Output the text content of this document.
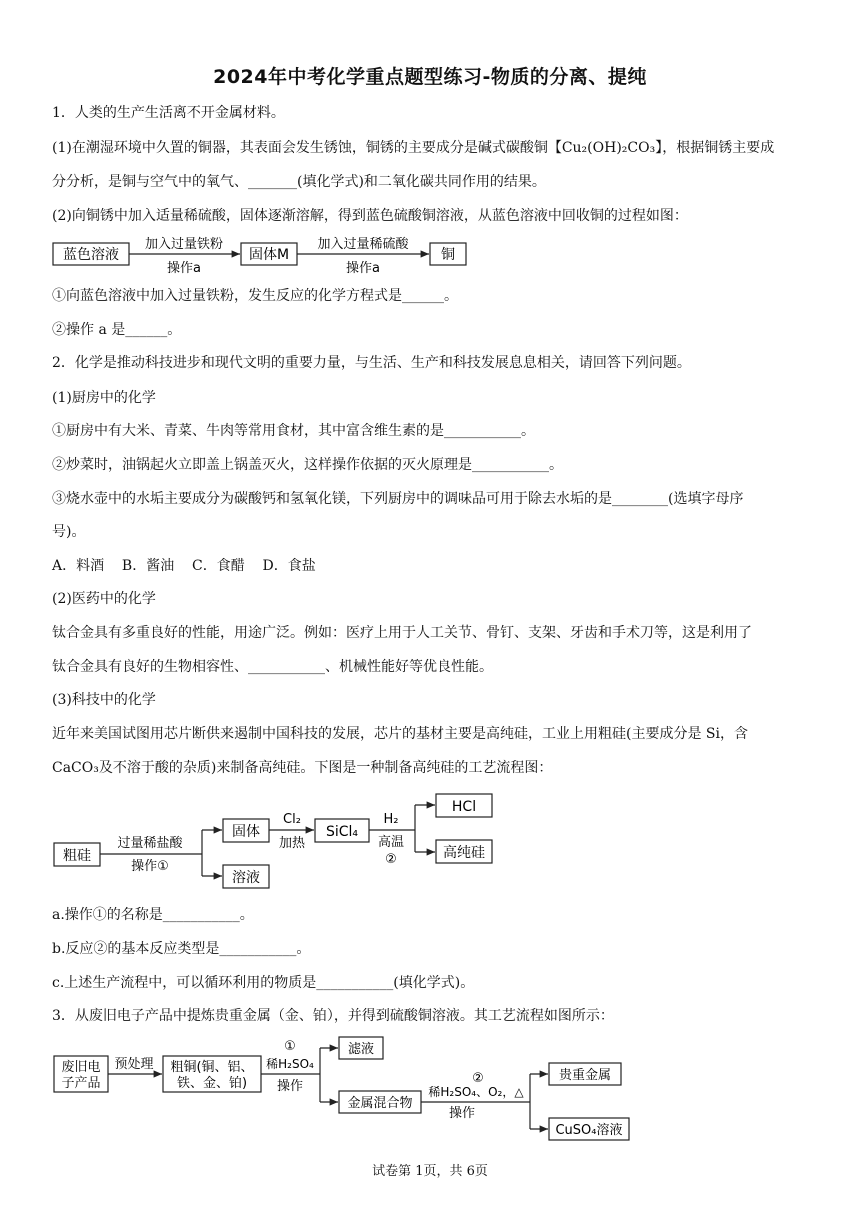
2024年中考化学重点题型练习-物质的分离、提纯
1．人类的生产生活离不开金属材料。
(1)在潮湿环境中久置的铜器，其表面会发生锈蚀，铜锈的主要成分是碱式碳酸铜【Cu₂(OH)₂CO₃】，根据铜锈主要成
分分析，是铜与空气中的氧气、_______(填化学式)和二氧化碳共同作用的结果。
(2)向铜锈中加入适量稀硫酸，固体逐渐溶解，得到蓝色硫酸铜溶液，从蓝色溶液中回收铜的过程如图：
蓝色溶液
加入过量铁粉
操作a
固体M
加入过量稀硫酸
操作a
铜
①向蓝色溶液中加入过量铁粉，发生反应的化学方程式是______。
②操作 a 是______。
2．化学是推动科技进步和现代文明的重要力量，与生活、生产和科技发展息息相关，请回答下列问题。
(1)厨房中的化学
①厨房中有大米、青菜、牛肉等常用食材，其中富含维生素的是___________。
②炒菜时，油锅起火立即盖上锅盖灭火，这样操作依据的灭火原理是___________。
③烧水壶中的水垢主要成分为碳酸钙和氢氧化镁，下列厨房中的调味品可用于除去水垢的是________(选填字母序
号)。
A．料酒    B．酱油    C．食醋    D．食盐
(2)医药中的化学
钛合金具有多重良好的性能，用途广泛。例如：医疗上用于人工关节、骨钉、支架、牙齿和手术刀等，这是利用了
钛合金具有良好的生物相容性、___________、机械性能好等优良性能。
(3)科技中的化学
近年来美国试图用芯片断供来遏制中国科技的发展，芯片的基材主要是高纯硅，工业上用粗硅(主要成分是 Si，含
CaCO₃及不溶于酸的杂质)来制备高纯硅。下图是一种制备高纯硅的工艺流程图：
粗硅
过量稀盐酸
操作①
固体
溶液
Cl₂
加热
SiCl₄
H₂
高温
②
HCl
高纯硅
a.操作①的名称是___________。
b.反应②的基本反应类型是___________。
c.上述生产流程中，可以循环利用的物质是___________(填化学式)。
3．从废旧电子产品中提炼贵重金属（金、铂），并得到硫酸铜溶液。其工艺流程如图所示：
废旧电
子产品
预处理 粗铜(铜、铝、
铁、金、铂)
①
稀H₂SO₄
操作
滤液
金属混合物
②
稀H₂SO₄、O₂，△
操作
贵重金属
CuSO₄溶液
试卷第 1页，共 6页
